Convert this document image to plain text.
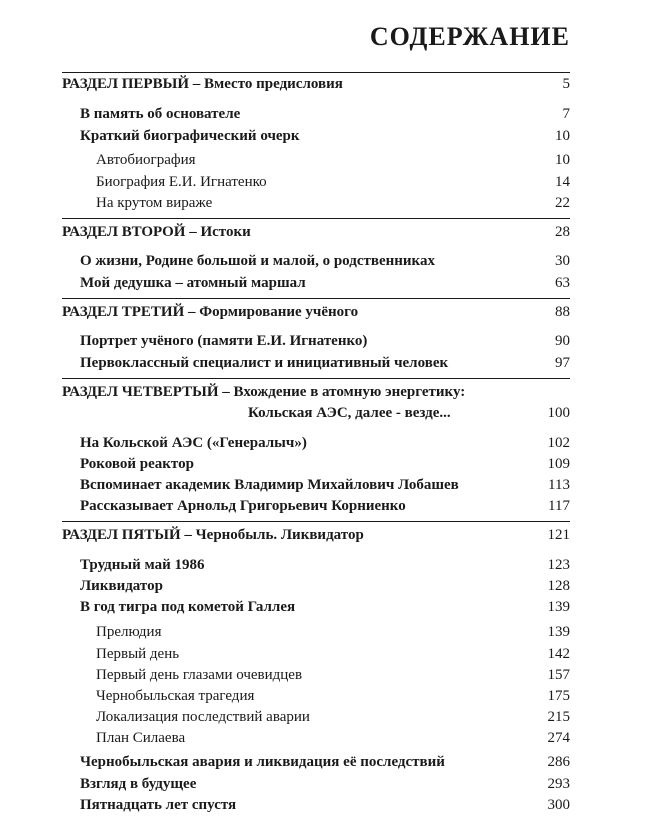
СОДЕРЖАНИЕ
РАЗДЕЛ ПЕРВЫЙ – Вместо предисловия	5
В память об основателе	7
Краткий биографический очерк	10
Автобиография	10
Биография Е.И. Игнатенко	14
На крутом вираже	22
РАЗДЕЛ ВТОРОЙ – Истоки	28
О жизни, Родине большой и малой, о родственниках	30
Мой дедушка – атомный маршал	63
РАЗДЕЛ ТРЕТИЙ – Формирование учёного	88
Портрет учёного (памяти Е.И. Игнатенко)	90
Первоклассный специалист и инициативный человек	97
РАЗДЕЛ ЧЕТВЕРТЫЙ – Вхождение в атомную энергетику:
Кольская АЭС, далее - везде...	100
На Кольской АЭС («Генералыч»)	102
Роковой реактор	109
Вспоминает академик Владимир Михайлович Лобашев	113
Рассказывает Арнольд Григорьевич Корниенко	117
РАЗДЕЛ ПЯТЫЙ – Чернобыль. Ликвидатор	121
Трудный май 1986	123
Ликвидатор	128
В год тигра под кометой Галлея	139
Прелюдия	139
Первый день	142
Первый день глазами очевидцев	157
Чернобыльская трагедия	175
Локализация последствий аварии	215
План Силаева	274
Чернобыльская авария и ликвидация её последствий	286
Взгляд в будущее	293
Пятнадцать лет спустя	300
